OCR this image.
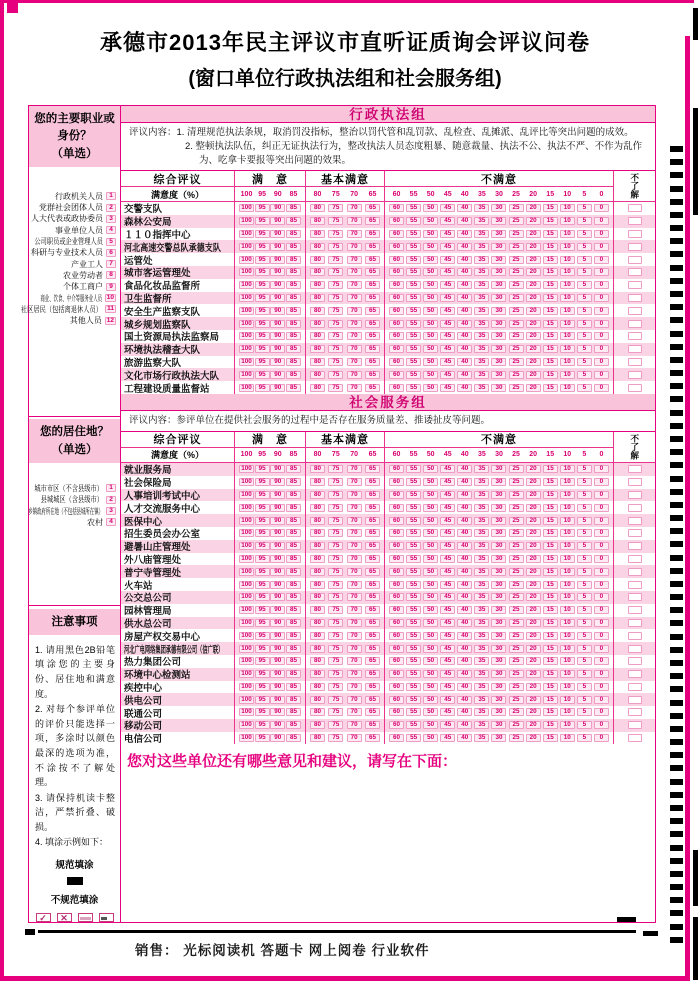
承德市2013年民主评议市直听证质询会评议问卷
(窗口单位行政执法组和社会服务组)
您的主要职业或身份？
（单选）
行政机关人员 1
党群社会团体人员 2
人大代表或政协委员 3
事业单位人员 4
公司职员或企业管理人员 5
科研与专业技术人员 6
产业工人 7
农业劳动者 8
个体工商户 9
商业、饮食、中介等服务业人员 10
社区居民（包括离退休人员） 11
其他人员 12
您的居住地？
（单选）
城市市区（不含县级市） 1
县城城区（含县级市） 2
乡镇政府所在地（不包括县城所在镇） 3
农村 4
注意事项

1. 请用黑色2B铅笔填涂您的主要身份、居住地和满意度。

2. 对每个参评单位的评价只能选择一项，多涂时以颜色最深的选项为准，不涂按不了解处理。

3. 请保持机读卡整洁，严禁折叠、破损。

4. 填涂示例如下：

规范填涂
不规范填涂
✓	✕
行政执法组

评议内容：1. 清理规范执法条规，取消罚没指标，整治以罚代管和乱罚款、乱检查、乱摊派、乱评比等突出问题的成效。

2. 整顿执法队伍，纠正无证执法行为，整改执法人员态度粗暴、随意裁量、执法不公、执法不严、不作为乱作为、吃拿卡要报等突出问题的效果。

综合评议	满　意	基本满意	不满意
满意度（%）	100 95	90	85	80	75	70	65	60	55	50	45	40	35	30	25	20	15	10	5	0	不了解
交警支队	100	95	90	85	80	75	70	65	60	55	50	45	40	35	30	25	20	15	10	5	0
森林公安局	100	95	90	85	80	75	70	65	60	55	50	45	40	35	30	25	20	15	10	5	0
１１０指挥中心	100	95	90	85	80	75	70	65	60	55	50	45	40	35	30	25	20	15	10	5	0
河北高速交警总队承德支队	100	95	90	85	80	75	70	65	60	55	50	45	40	35	30	25	20	15	10	5	0
运管处	100	95	90	85	80	75	70	65	60	55	50	45	40	35	30	25	20	15	10	5	0
城市客运管理处	100	95	90	85	80	75	70	65	60	55	50	45	40	35	30	25	20	15	10	5	0
食品化妆品监督所	100	95	90	85	80	75	70	65	60	55	50	45	40	35	30	25	20	15	10	5	0
卫生监督所	100	95	90	85	80	75	70	65	60	55	50	45	40	35	30	25	20	15	10	5	0
安全生产监察支队	100	95	90	85	80	75	70	65	60	55	50	45	40	35	30	25	20	15	10	5	0
城乡规划监察队	100	95	90	85	80	75	70	65	60	55	50	45	40	35	30	25	20	15	10	5	0
国土资源局执法监察局	100	95	90	85	80	75	70	65	60	55	50	45	40	35	30	25	20	15	10	5	0
环境执法稽查大队	100	95	90	85	80	75	70	65	60	55	50	45	40	35	30	25	20	15	10	5	0
旅游监察大队	100	95	90	85	80	75	70	65	60	55	50	45	40	35	30	25	20	15	10	5	0
文化市场行政执法大队	100	95	90	85	80	75	70	65	60	55	50	45	40	35	30	25	20	15	10	5	0
工程建设质量监督站	100	95	90	85	80	75	70	65	60	55	50	45	40	35	30	25	20	15	10	5	0
社会服务组

评议内容：参评单位在提供社会服务的过程中是否存在服务质量差、推诿扯皮等问题。

综合评议	满　意	基本满意	不满意
满意度（%）	100 95	90	85	80	75	70	65	60	55	50	45	40	35	30	25	20	15	10	5	0	不了解
就业服务局	100	95	90	85	80	75	70	65	60	55	50	45	40	35	30	25	20	15	10	5	0
社会保险局	100	95	90	85	80	75	70	65	60	55	50	45	40	35	30	25	20	15	10	5	0
人事培训考试中心	100	95	90	85	80	75	70	65	60	55	50	45	40	35	30	25	20	15	10	5	0
人才交流服务中心	100	95	90	85	80	75	70	65	60	55	50	45	40	35	30	25	20	15	10	5	0
医保中心	100	95	90	85	80	75	70	65	60	55	50	45	40	35	30	25	20	15	10	5	0
招生委员会办公室	100	95	90	85	80	75	70	65	60	55	50	45	40	35	30	25	20	15	10	5	0
避暑山庄管理处	100	95	90	85	80	75	70	65	60	55	50	45	40	35	30	25	20	15	10	5	0
外八庙管理处	100	95	90	85	80	75	70	65	60	55	50	45	40	35	30	25	20	15	10	5	0
普宁寺管理处	100	95	90	85	80	75	70	65	60	55	50	45	40	35	30	25	20	15	10	5	0
火车站	100	95	90	85	80	75	70	65	60	55	50	45	40	35	30	25	20	15	10	5	0
公交总公司	100	95	90	85	80	75	70	65	60	55	50	45	40	35	30	25	20	15	10	5	0
园林管理局	100	95	90	85	80	75	70	65	60	55	50	45	40	35	30	25	20	15	10	5	0
供水总公司	100	95	90	85	80	75	70	65	60	55	50	45	40	35	30	25	20	15	10	5	0
房屋产权交易中心	100	95	90	85	80	75	70	65	60	55	50	45	40	35	30	25	20	15	10	5	0
河北广电网络集团承德有限公司（信广联）	100	95	90	85	80	75	70	65	60	55	50	45	40	35	30	25	20	15	10	5	0
热力集团公司	100	95	90	85	80	75	70	65	60	55	50	45	40	35	30	25	20	15	10	5	0
环境中心检测站	100	95	90	85	80	75	70	65	60	55	50	45	40	35	30	25	20	15	10	5	0
疾控中心	100	95	90	85	80	75	70	65	60	55	50	45	40	35	30	25	20	15	10	5	0
供电公司	100	95	90	85	80	75	70	65	60	55	50	45	40	35	30	25	20	15	10	5	0
联通公司	100	95	90	85	80	75	70	65	60	55	50	45	40	35	30	25	20	15	10	5	0
移动公司	100	95	90	85	80	75	70	65	60	55	50	45	40	35	30	25	20	15	10	5	0
电信公司	100	95	90	85	80	75	70	65	60	55	50	45	40	35	30	25	20	15	10	5	0
您对这些单位还有哪些意见和建议，请写在下面：
销售： 光标阅读机 答题卡 网上阅卷 行业软件
